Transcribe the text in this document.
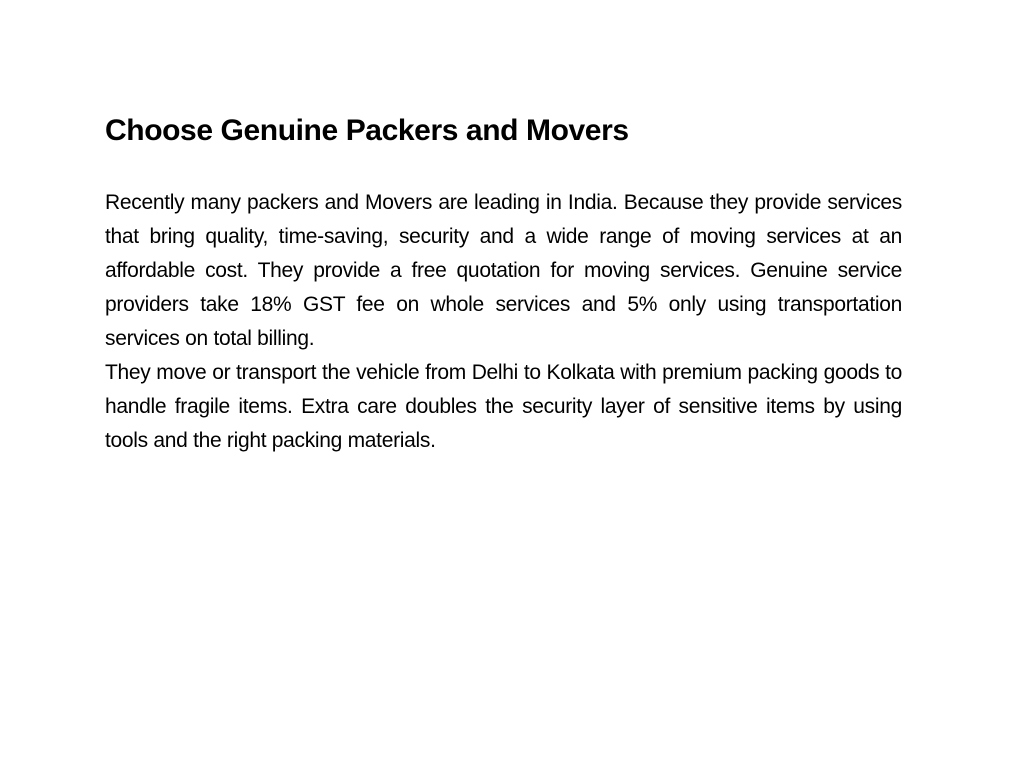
Choose Genuine Packers and Movers

Recently many packers and Movers are leading in India. Because they provide services that bring quality, time-saving, security and a wide range of moving services at an affordable cost. They provide a free quotation for moving services. Genuine service providers take 18% GST fee on whole services and 5% only using transportation services on total billing.

They move or transport the vehicle from Delhi to Kolkata with premium packing goods to handle fragile items. Extra care doubles the security layer of sensitive items by using tools and the right packing materials.
